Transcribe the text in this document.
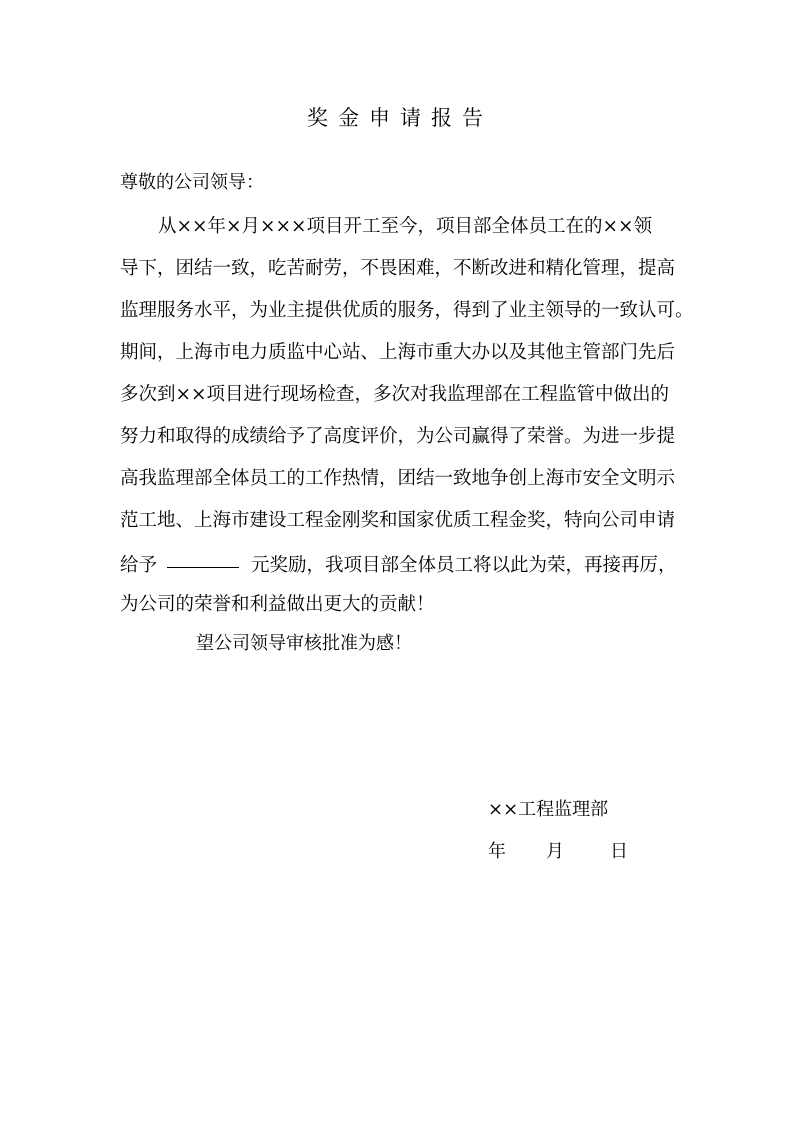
奖金申请报告
尊敬的公司领导：
从××年×月×××项目开工至今，项目部全体员工在的××领
导下，团结一致，吃苦耐劳，不畏困难，不断改进和精化管理，提高
监理服务水平，为业主提供优质的服务，得到了业主领导的一致认可。
期间，上海市电力质监中心站、上海市重大办以及其他主管部门先后
多次到××项目进行现场检查，多次对我监理部在工程监管中做出的
努力和取得的成绩给予了高度评价，为公司赢得了荣誉。为进一步提
高我监理部全体员工的工作热情，团结一致地争创上海市安全文明示
范工地、上海市建设工程金刚奖和国家优质工程金奖，特向公司申请
给予	元奖励，我项目部全体员工将以此为荣，再接再厉，
为公司的荣誉和利益做出更大的贡献！
望公司领导审核批准为感！
××工程监理部
年 月	日
